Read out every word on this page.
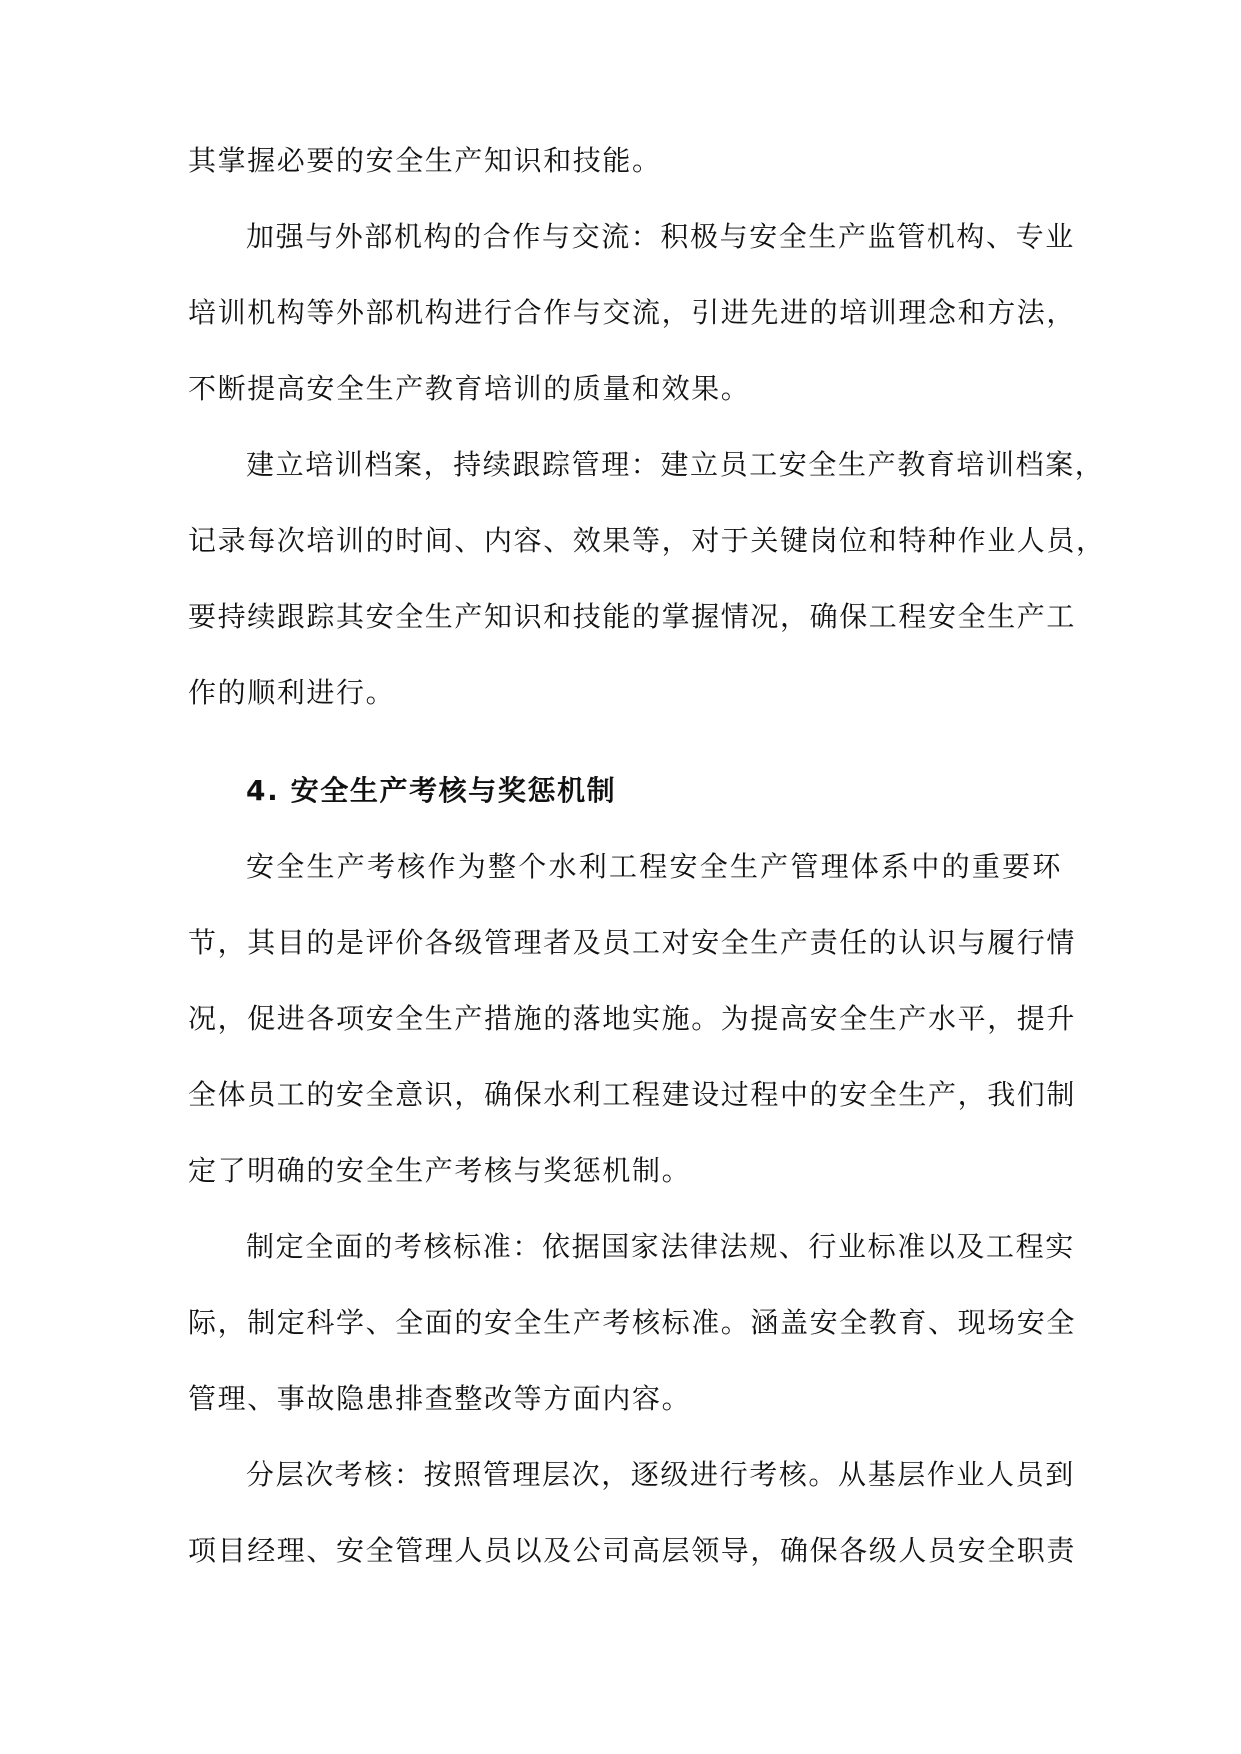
其掌握必要的安全生产知识和技能。
加强与外部机构的合作与交流：积极与安全生产监管机构、专业
培训机构等外部机构进行合作与交流，引进先进的培训理念和方法，
不断提高安全生产教育培训的质量和效果。
建立培训档案，持续跟踪管理：建立员工安全生产教育培训档案，
记录每次培训的时间、内容、效果等，对于关键岗位和特种作业人员，
要持续跟踪其安全生产知识和技能的掌握情况，确保工程安全生产工
作的顺利进行。
4. 安全生产考核与奖惩机制
安全生产考核作为整个水利工程安全生产管理体系中的重要环
节，其目的是评价各级管理者及员工对安全生产责任的认识与履行情
况，促进各项安全生产措施的落地实施。为提高安全生产水平，提升
全体员工的安全意识，确保水利工程建设过程中的安全生产，我们制
定了明确的安全生产考核与奖惩机制。
制定全面的考核标准：依据国家法律法规、行业标准以及工程实
际，制定科学、全面的安全生产考核标准。涵盖安全教育、现场安全
管理、事故隐患排查整改等方面内容。
分层次考核：按照管理层次，逐级进行考核。从基层作业人员到
项目经理、安全管理人员以及公司高层领导，确保各级人员安全职责
